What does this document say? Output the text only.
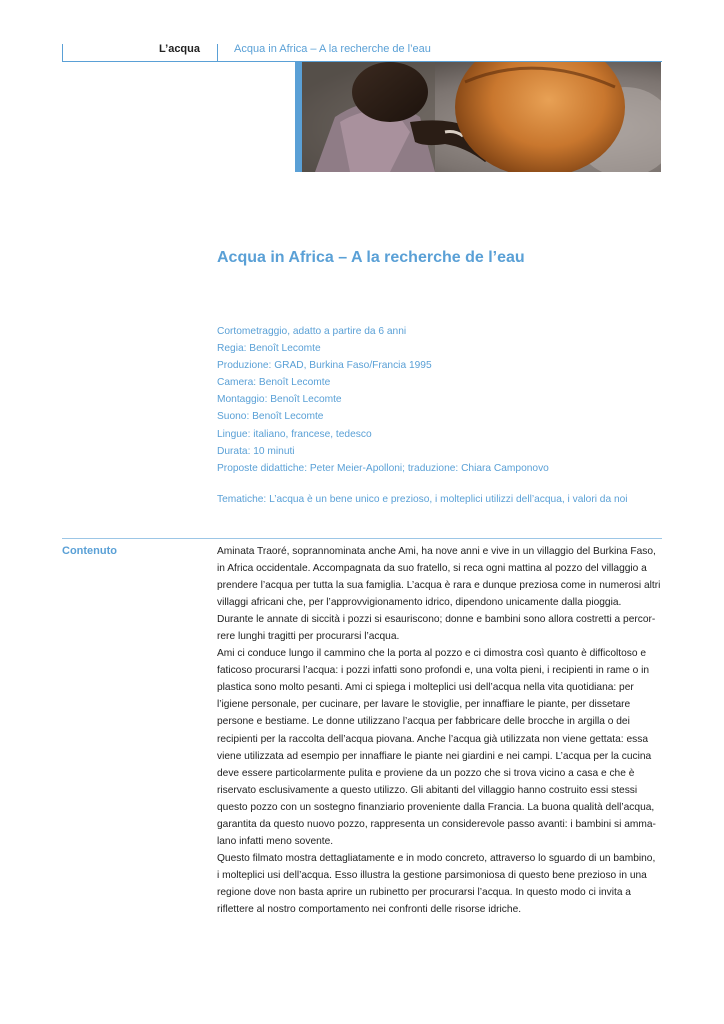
L’acqua	Acqua in Africa – A la recherche de l’eau
Acqua in Africa – A la recherche de l’eau
Cortometraggio, adatto a partire da 6 anni
Regia: Benoît Lecomte
Produzione: GRAD, Burkina Faso/Francia 1995
Camera: Benoît Lecomte
Montaggio: Benoît Lecomte
Suono: Benoît Lecomte
Lingue: italiano, francese, tedesco
Durata: 10 minuti
Proposte didattiche: Peter Meier-Apolloni; traduzione: Chiara Camponovo
Tematiche: L’acqua è un bene unico e prezioso, i molteplici utilizzi dell’acqua, i valori da noi
Contenuto	Aminata Traoré, soprannominata anche Ami, ha nove anni e vive in un villaggio del Burkina Faso,
in Africa occidentale. Accompagnata da suo fratello, si reca ogni mattina al pozzo del villaggio a
prendere l’acqua per tutta la sua famiglia. L’acqua è rara e dunque preziosa come in numerosi altri
villaggi africani che, per l’approvvigionamento idrico, dipendono unicamente dalla pioggia.
Durante le annate di siccità i pozzi si esauriscono; donne e bambini sono allora costretti a percor-
rere lunghi tragitti per procurarsi l’acqua.
Ami ci conduce lungo il cammino che la porta al pozzo e ci dimostra così quanto è difficoltoso e
faticoso procurarsi l’acqua: i pozzi infatti sono profondi e, una volta pieni, i recipienti in rame o in
plastica sono molto pesanti. Ami ci spiega i molteplici usi dell’acqua nella vita quotidiana: per
l’igiene personale, per cucinare, per lavare le stoviglie, per innaffiare le piante, per dissetare
persone e bestiame. Le donne utilizzano l’acqua per fabbricare delle brocche in argilla o dei
recipienti per la raccolta dell’acqua piovana. Anche l’acqua già utilizzata non viene gettata: essa
viene utilizzata ad esempio per innaffiare le piante nei giardini e nei campi. L’acqua per la cucina
deve essere particolarmente pulita e proviene da un pozzo che si trova vicino a casa e che è
riservato esclusivamente a questo utilizzo. Gli abitanti del villaggio hanno costruito essi stessi
questo pozzo con un sostegno finanziario proveniente dalla Francia. La buona qualità dell’acqua,
garantita da questo nuovo pozzo, rappresenta un considerevole passo avanti: i bambini si amma-
lano infatti meno sovente.
Questo filmato mostra dettagliatamente e in modo concreto, attraverso lo sguardo di un bambino,
i molteplici usi dell’acqua. Esso illustra la gestione parsimoniosa di questo bene prezioso in una
regione dove non basta aprire un rubinetto per procurarsi l’acqua. In questo modo ci invita a
riflettere al nostro comportamento nei confronti delle risorse idriche.
